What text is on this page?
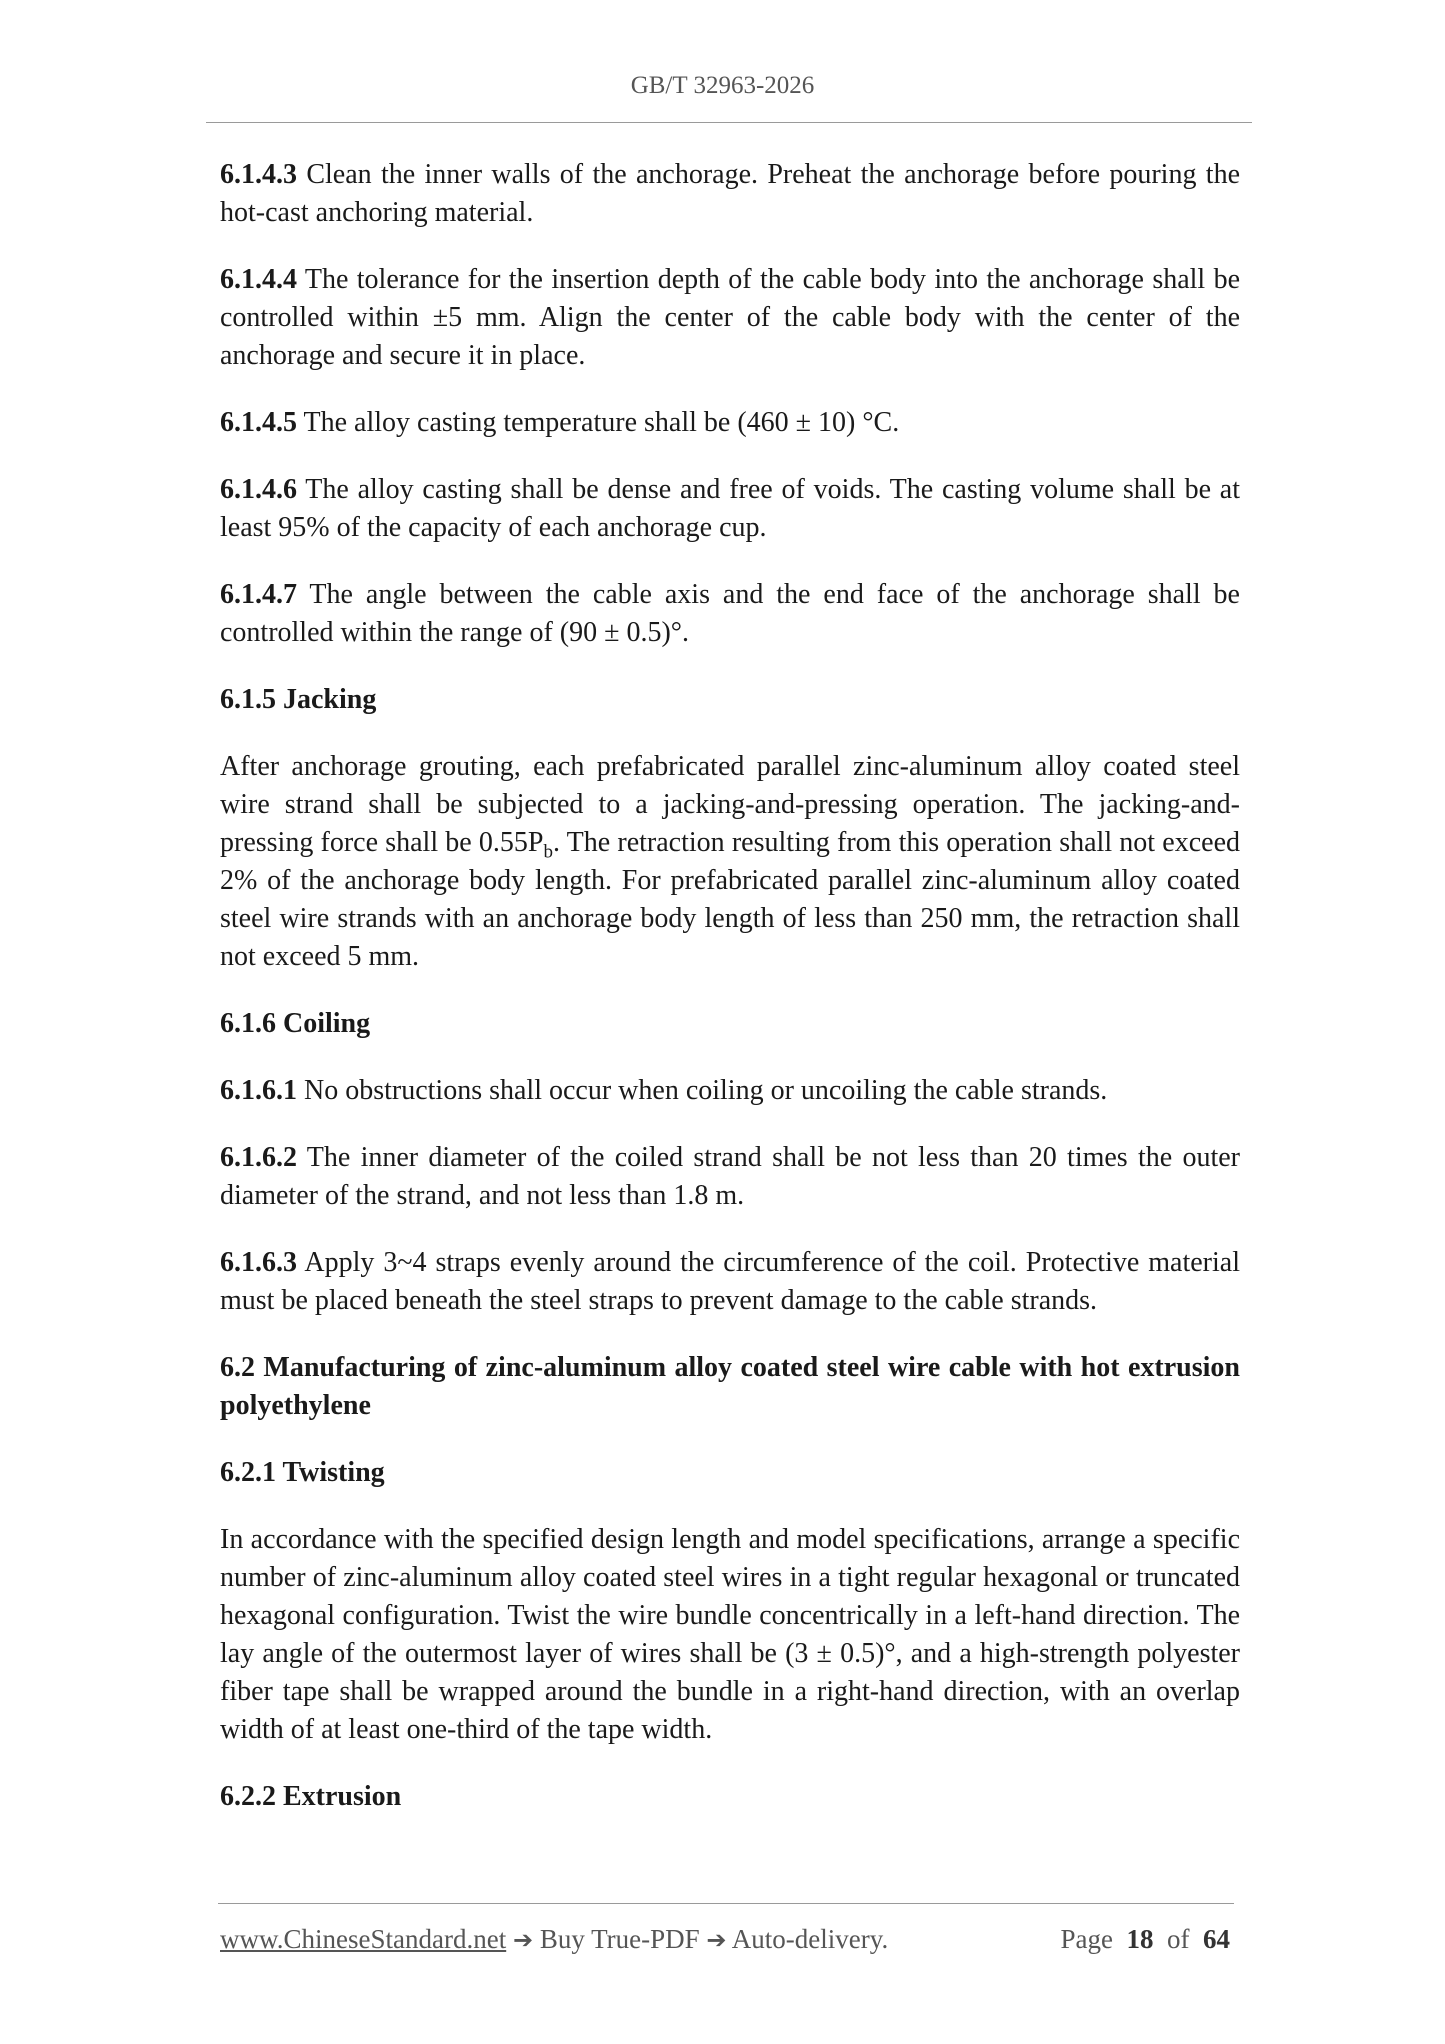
GB/T 32963-2026

6.1.4.3 Clean the inner walls of the anchorage. Preheat the anchorage before pouring the hot-cast anchoring material.

6.1.4.4 The tolerance for the insertion depth of the cable body into the anchorage shall be controlled within ±5 mm. Align the center of the cable body with the center of the anchorage and secure it in place.

6.1.4.5 The alloy casting temperature shall be (460 ± 10) °C.

6.1.4.6 The alloy casting shall be dense and free of voids. The casting volume shall be at least 95% of the capacity of each anchorage cup.

6.1.4.7 The angle between the cable axis and the end face of the anchorage shall be controlled within the range of (90 ± 0.5)°.

6.1.5 Jacking

After anchorage grouting, each prefabricated parallel zinc-aluminum alloy coated steel wire strand shall be subjected to a jacking-and-pressing operation. The jacking-and-pressing force shall be $0.55P_b$. The retraction resulting from this operation shall not exceed 2% of the anchorage body length. For prefabricated parallel zinc-aluminum alloy coated steel wire strands with an anchorage body length of less than 250 mm, the retraction shall not exceed 5 mm.

6.1.6 Coiling

6.1.6.1 No obstructions shall occur when coiling or uncoiling the cable strands.

6.1.6.2 The inner diameter of the coiled strand shall be not less than 20 times the outer diameter of the strand, and not less than 1.8 m.

6.1.6.3 Apply 3~4 straps evenly around the circumference of the coil. Protective material must be placed beneath the steel straps to prevent damage to the cable strands.

6.2 Manufacturing of zinc-aluminum alloy coated steel wire cable with hot extrusion polyethylene

6.2.1 Twisting

In accordance with the specified design length and model specifications, arrange a specific number of zinc-aluminum alloy coated steel wires in a tight regular hexagonal or truncated hexagonal configuration. Twist the wire bundle concentrically in a left-hand direction. The lay angle of the outermost layer of wires shall be (3 ± 0.5)°, and a high-strength polyester fiber tape shall be wrapped around the bundle in a right-hand direction, with an overlap width of at least one-third of the tape width.

6.2.2 Extrusion

www.ChineseStandard.net ➔ Buy True-PDF ➔ Auto-delivery.	Page 18 of 64
